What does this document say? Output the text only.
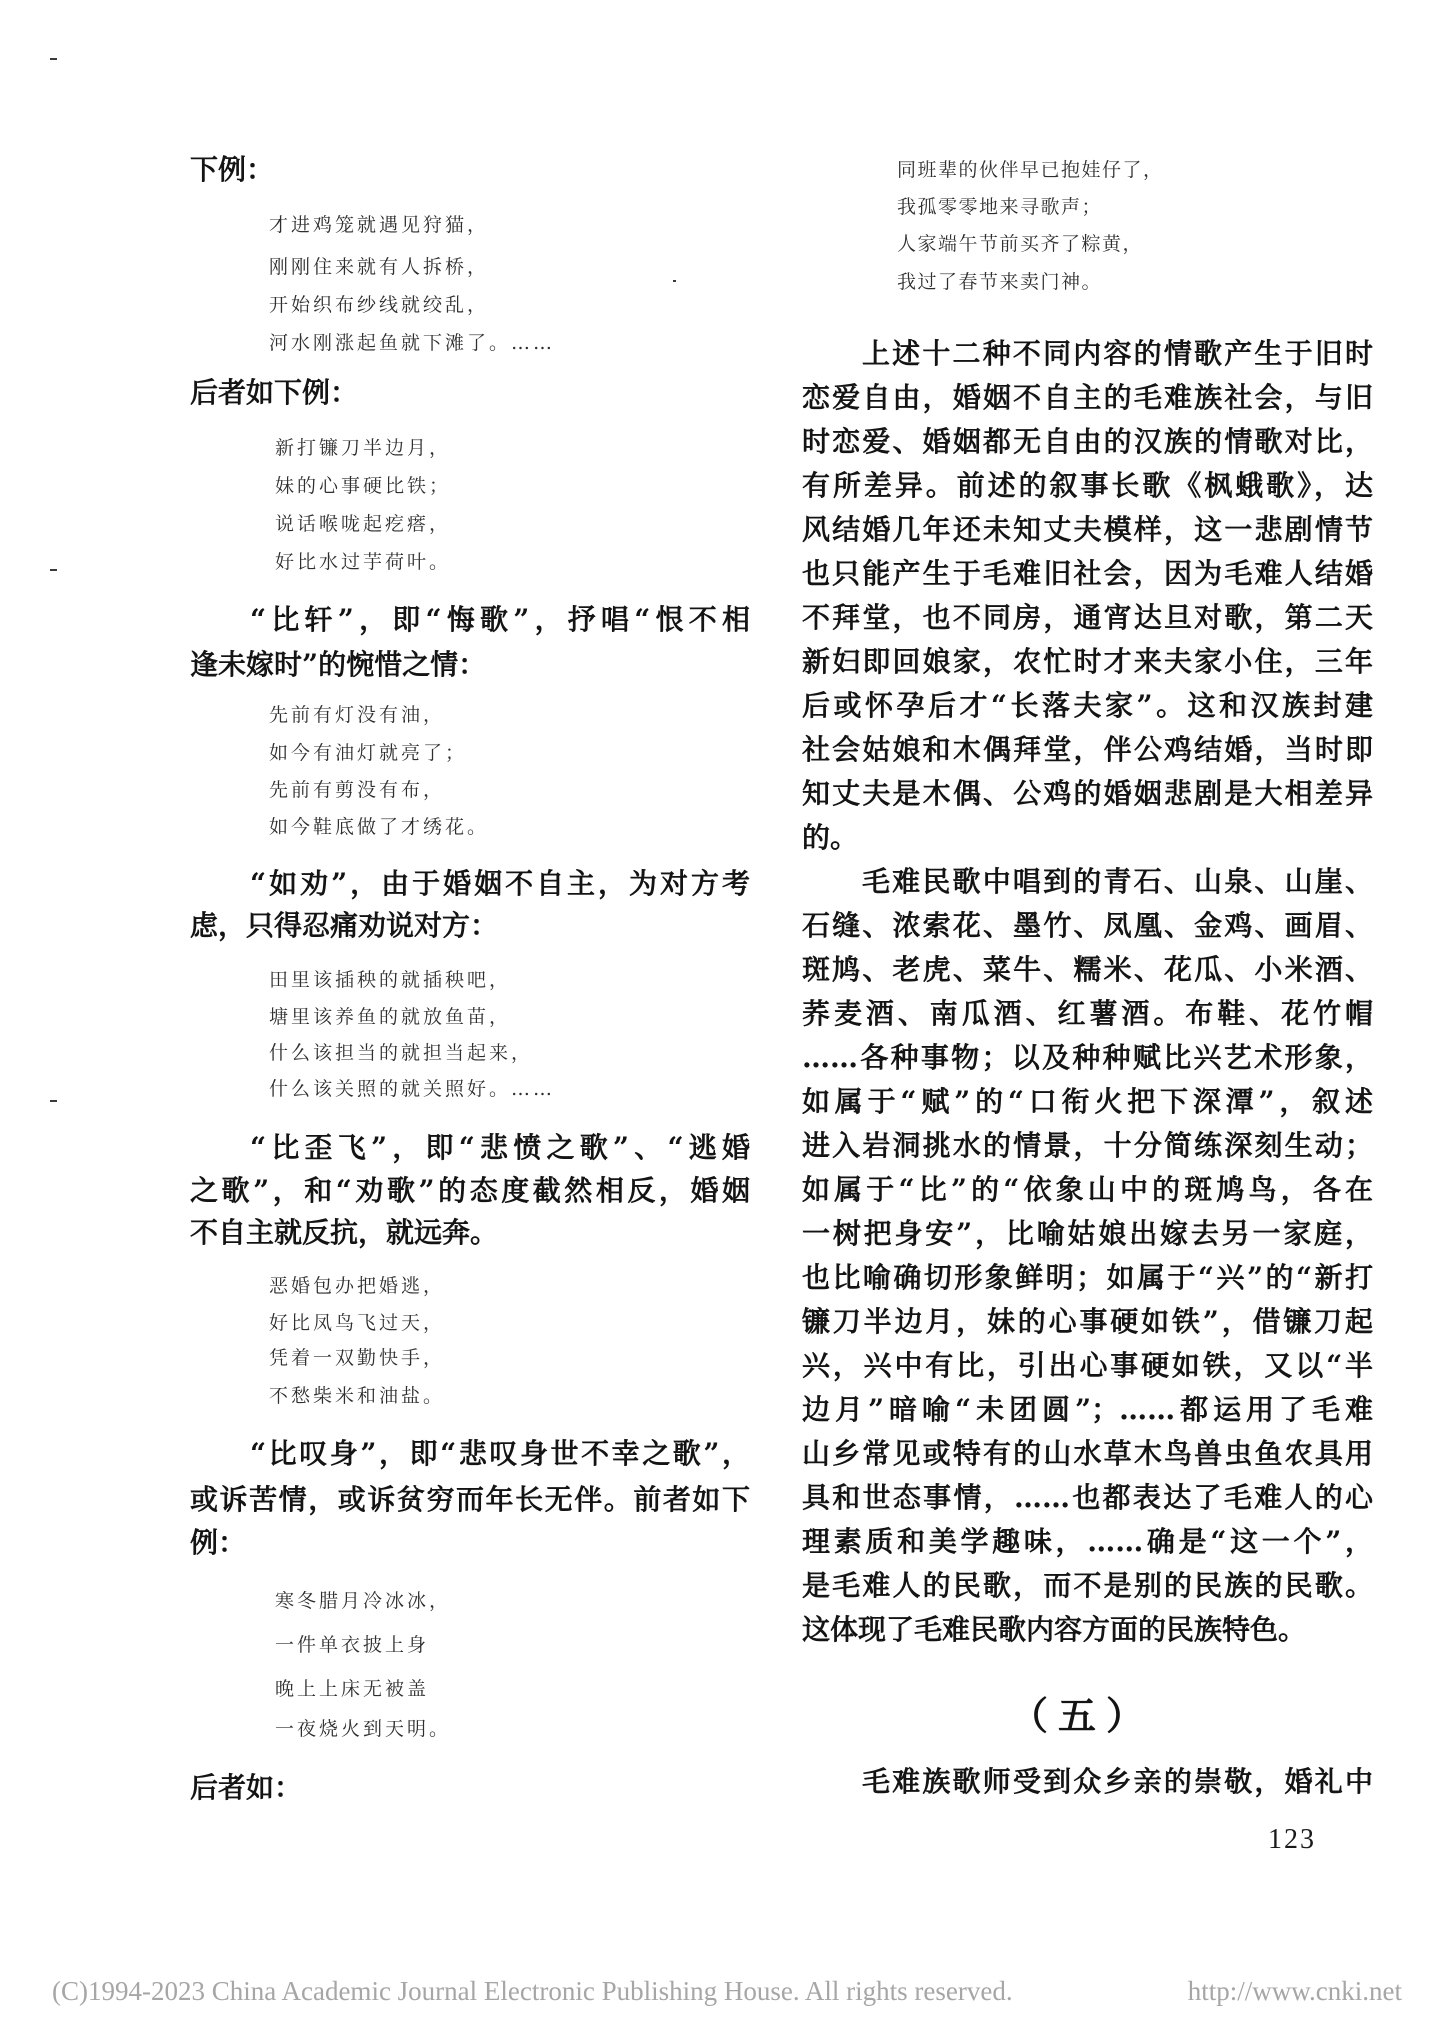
下例：
才进鸡笼就遇见狩猫，
刚刚住来就有人拆桥，
开始织布纱线就绞乱，
河水刚涨起鱼就下滩了。……
后者如下例：
新打镰刀半边月，
妹的心事硬比铁；
说话喉咙起疙瘩，
好比水过芋荷叶。
“比轩”，即“悔歌”，抒唱“恨不相
逢未嫁时”的惋惜之情：
先前有灯没有油，
如今有油灯就亮了；
先前有剪没有布，
如今鞋底做了才绣花。
“如劝”，由于婚姻不自主，为对方考
虑，只得忍痛劝说对方：
田里该插秧的就插秧吧，
塘里该养鱼的就放鱼苗，
什么该担当的就担当起来，
什么该关照的就关照好。……
“比歪飞”，即“悲愤之歌”、“逃婚
之歌”，和“劝歌”的态度截然相反，婚姻
不自主就反抗，就远奔。
恶婚包办把婚逃，
好比凤鸟飞过天，
凭着一双勤快手，
不愁柴米和油盐。
“比叹身”，即“悲叹身世不幸之歌”，
或诉苦情，或诉贫穷而年长无伴。前者如下
例：
寒冬腊月冷冰冰，
一件单衣披上身
晚上上床无被盖
一夜烧火到天明。
后者如：
同班辈的伙伴早已抱娃仔了，
我孤零零地来寻歌声；
人家端午节前买齐了粽黄，
我过了春节来卖门神。
上述十二种不同内容的情歌产生于旧时
恋爱自由，婚姻不自主的毛难族社会，与旧
时恋爱、婚姻都无自由的汉族的情歌对比，
有所差异。前述的叙事长歌《枫蛾歌》，达
风结婚几年还未知丈夫模样，这一悲剧情节
也只能产生于毛难旧社会，因为毛难人结婚
不拜堂，也不同房，通宵达旦对歌，第二天
新妇即回娘家，农忙时才来夫家小住，三年
后或怀孕后才“长落夫家”。这和汉族封建
社会姑娘和木偶拜堂，伴公鸡结婚，当时即
知丈夫是木偶、公鸡的婚姻悲剧是大相差异
的。
毛难民歌中唱到的青石、山泉、山崖、
石缝、浓索花、墨竹、凤凰、金鸡、画眉、
斑鸠、老虎、菜牛、糯米、花瓜、小米酒、
荞麦酒、南瓜酒、红薯酒。布鞋、花竹帽
……各种事物；以及种种赋比兴艺术形象，
如属于“赋”的“口衔火把下深潭”，叙述
进入岩洞挑水的情景，十分简练深刻生动；
如属于“比”的“依象山中的斑鸠鸟，各在
一树把身安”，比喻姑娘出嫁去另一家庭，
也比喻确切形象鲜明；如属于“兴”的“新打
镰刀半边月，妹的心事硬如铁”，借镰刀起
兴，兴中有比，引出心事硬如铁，又以“半
边月”暗喻“未团圆”；……都运用了毛难
山乡常见或特有的山水草木鸟兽虫鱼农具用
具和世态事情，……也都表达了毛难人的心
理素质和美学趣味，……确是“这一个”，
是毛难人的民歌，而不是别的民族的民歌。
这体现了毛难民歌内容方面的民族特色。
（五）
毛难族歌师受到众乡亲的崇敬，婚礼中
123
(C)1994-2023 China Academic Journal Electronic Publishing House. All rights reserved.	http://www.cnki.net
